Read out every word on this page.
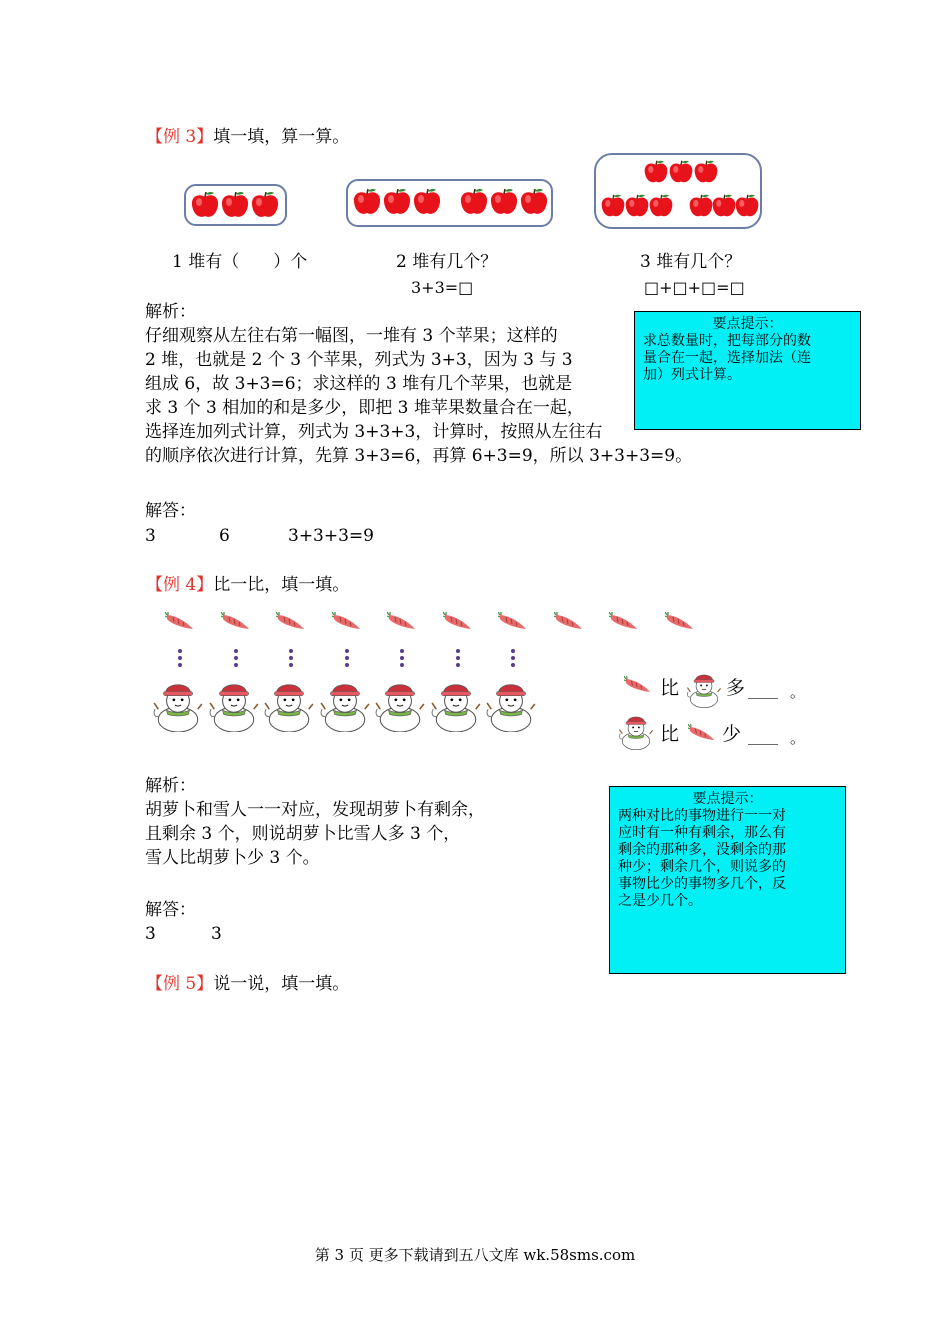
【例 3】填一填，算一算。
1 堆有（　　）个	2 堆有几个？
3+3=□
3 堆有几个？
□+□+□=□
解析：
仔细观察从左往右第一幅图，一堆有 3 个苹果；这样的
2 堆，也就是 2 个 3 个苹果，列式为 3+3，因为 3 与 3
组成 6，故 3+3=6；求这样的 3 堆有几个苹果，也就是
求 3 个 3 相加的和是多少，即把 3 堆苹果数量合在一起，
选择连加列式计算，列式为 3+3+3，计算时，按照从左往右
的顺序依次进行计算，先算 3+3=6，再算 6+3=9，所以 3+3+3=9。
要点提示：
求总数量时，把每部分的数
量合在一起，选择加法（连
加）列式计算。
解答：
3	6	3+3+3=9
【例 4】比一比，填一填。
比 多 ____ 。
比 少 ____ 。
解析：
胡萝卜和雪人一一对应，发现胡萝卜有剩余，
且剩余 3 个，则说胡萝卜比雪人多 3 个，
雪人比胡萝卜少 3 个。
要点提示：
两种对比的事物进行一一对
应时有一种有剩余，那么有
剩余的那种多，没剩余的那
种少；剩余几个，则说多的
事物比少的事物多几个，反
之是少几个。
解答：
3	3
【例 5】说一说，填一填。
第 3 页 更多下载请到五八文库 wk.58sms.com
